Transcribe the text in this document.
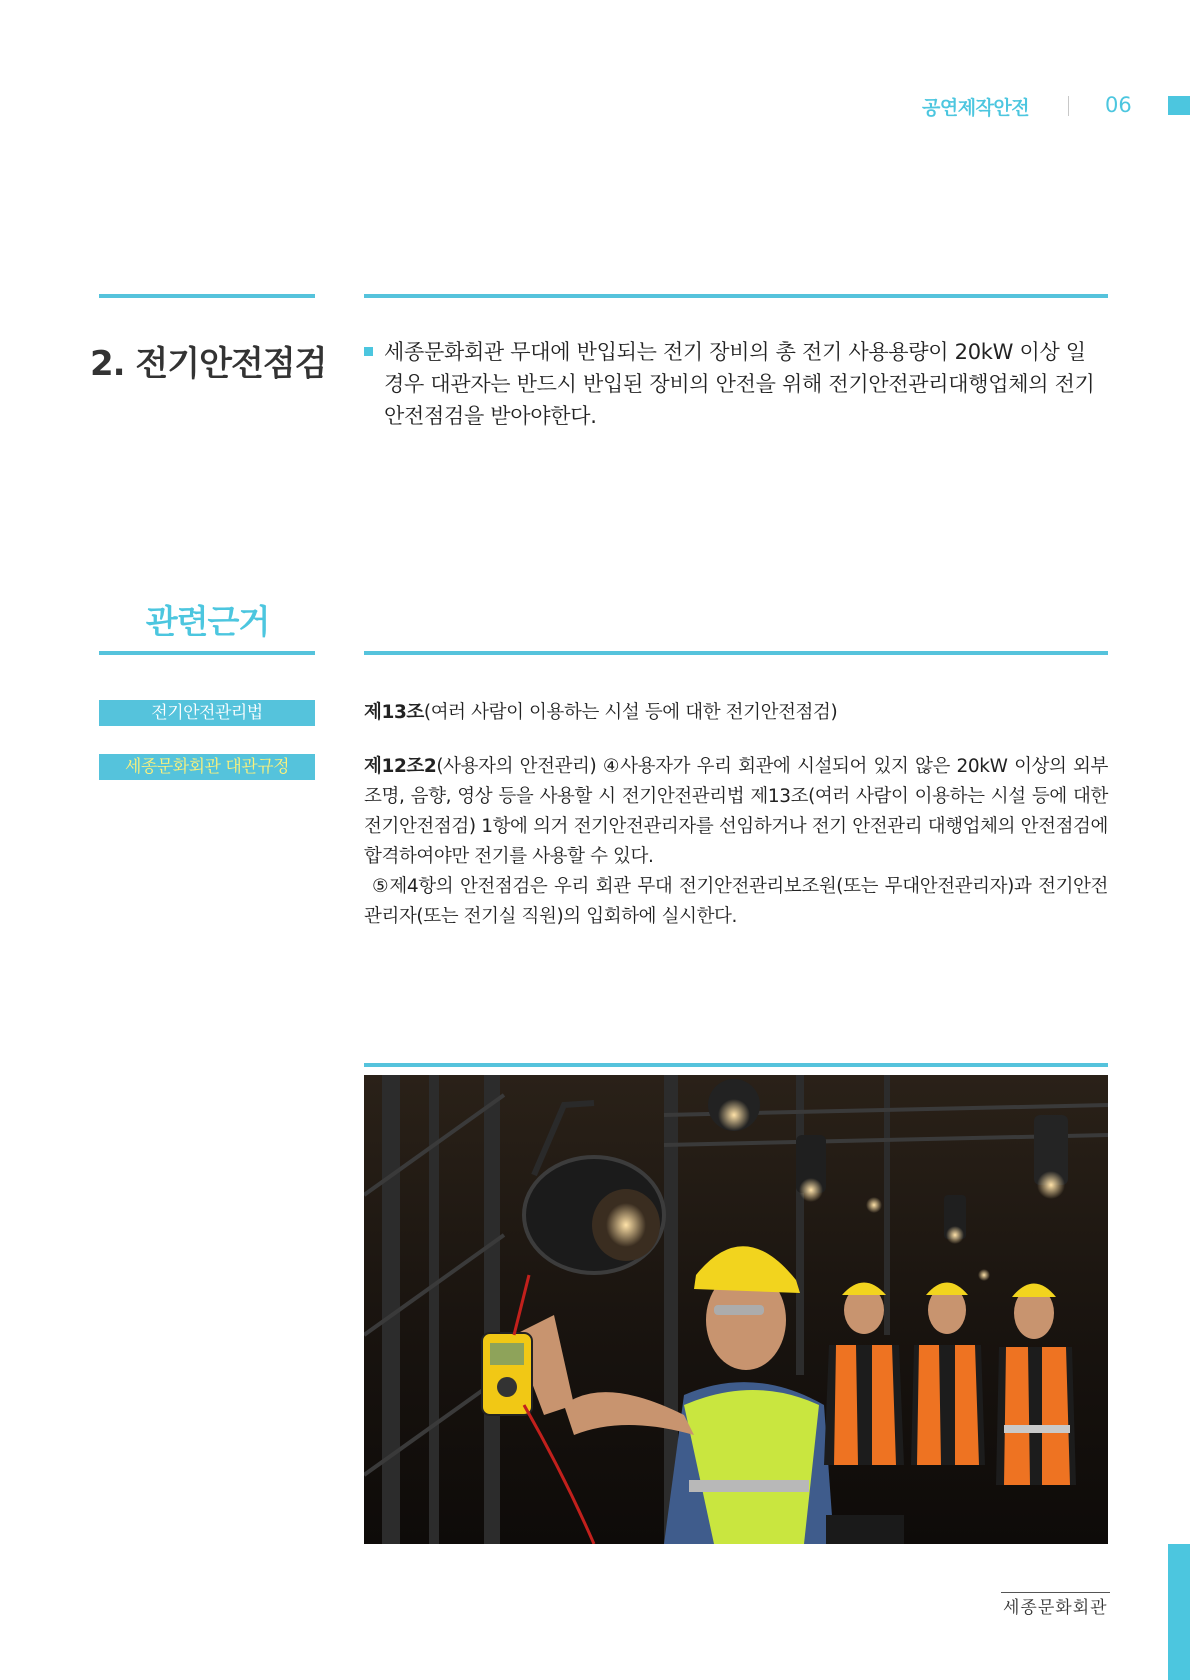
공연제작안전	06
2. 전기안전점검	세종문화회관 무대에 반입되는 전기 장비의 총 전기 사용용량이 20kW 이상 일 경우 대관자는 반드시 반입된 장비의 안전을 위해 전기안전관리대행업체의 전기안전점검을 받아야한다.

관련근거
전기안전관리법	제13조(여러 사람이 이용하는 시설 등에 대한 전기안전점검)

세종문화회관 대관규정	제12조2(사용자의 안전관리) ④사용자가 우리 회관에 시설되어 있지 않은 20kW 이상의 외부조명, 음향, 영상 등을 사용할 시 전기안전관리법 제13조(여러 사람이 이용하는 시설 등에 대한 전기안전점검) 1항에 의거 전기안전관리자를 선임하거나 전기 안전관리 대행업체의 안전점검에 합격하여야만 전기를 사용할 수 있다.

⑤제4항의 안전점검은 우리 회관 무대 전기안전관리보조원(또는 무대안전관리자)과 전기안전관리자(또는 전기실 직원)의 입회하에 실시한다.

세종문화회관
